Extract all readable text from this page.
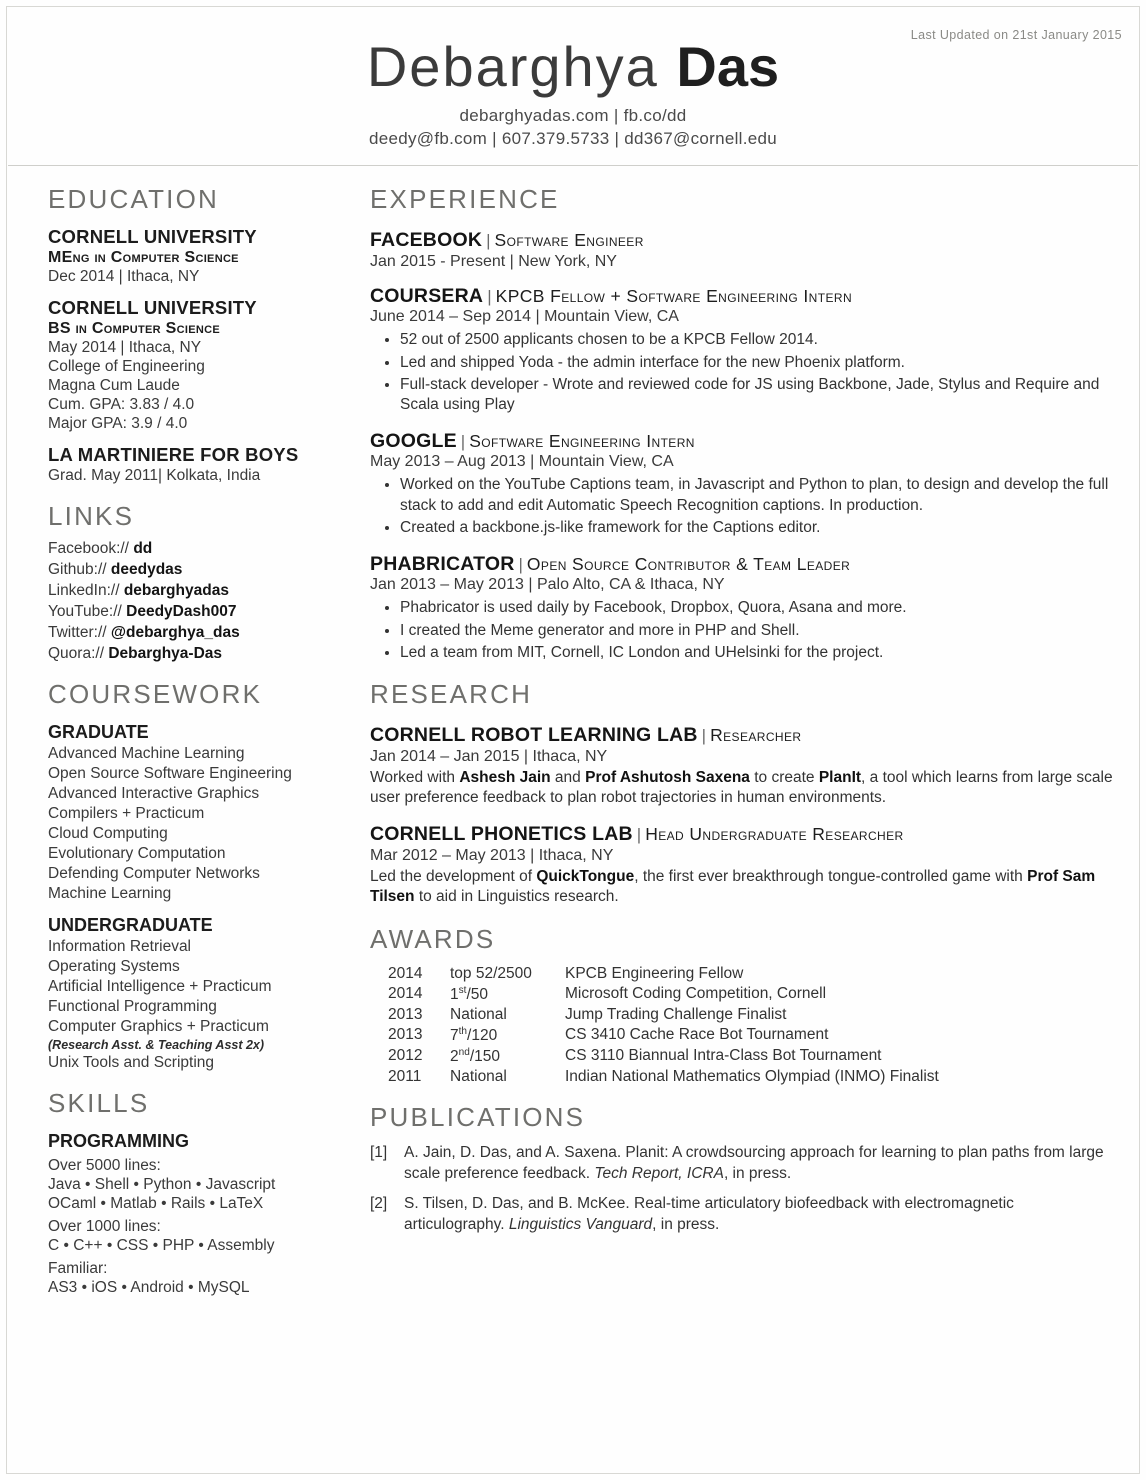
Last Updated on 21st January 2015
Debarghya Das
debarghyadas.com | fb.co/dd
deedy@fb.com | 607.379.5733 | dd367@cornell.edu
EDUCATION
CORNELL UNIVERSITY
MEng in Computer Science
Dec 2014 | Ithaca, NY
CORNELL UNIVERSITY
BS in Computer Science
May 2014 | Ithaca, NY
College of Engineering
Magna Cum Laude
Cum. GPA: 3.83 / 4.0
Major GPA: 3.9 / 4.0
LA MARTINIERE FOR BOYS
Grad. May 2011| Kolkata, India
LINKS
Facebook:// dd
Github:// deedydas
LinkedIn:// debarghyadas
YouTube:// DeedyDash007
Twitter:// @debarghya_das
Quora:// Debarghya-Das
COURSEWORK
GRADUATE
Advanced Machine Learning
Open Source Software Engineering
Advanced Interactive Graphics
Compilers + Practicum
Cloud Computing
Evolutionary Computation
Defending Computer Networks
Machine Learning
UNDERGRADUATE
Information Retrieval
Operating Systems
Artificial Intelligence + Practicum
Functional Programming
Computer Graphics + Practicum
(Research Asst. & Teaching Asst 2x)
Unix Tools and Scripting
SKILLS
PROGRAMMING
Over 5000 lines:
Java • Shell • Python • Javascript
OCaml • Matlab • Rails • LaTeX
Over 1000 lines:
C • C++ • CSS • PHP • Assembly
Familiar:
AS3 • iOS • Android • MySQL
EXPERIENCE
FACEBOOK | Software Engineer
Jan 2015 - Present | New York, NY
COURSERA | KPCB Fellow + Software Engineering Intern
June 2014 – Sep 2014 | Mountain View, CA
• 52 out of 2500 applicants chosen to be a KPCB Fellow 2014.
• Led and shipped Yoda - the admin interface for the new Phoenix platform.
• Full-stack developer - Wrote and reviewed code for JS using Backbone, Jade, Stylus and Require and Scala using Play
GOOGLE | Software Engineering Intern
May 2013 – Aug 2013 | Mountain View, CA
• Worked on the YouTube Captions team, in Javascript and Python to plan, to design and develop the full stack to add and edit Automatic Speech Recognition captions. In production.
• Created a backbone.js-like framework for the Captions editor.
PHABRICATOR | Open Source Contributor & Team Leader
Jan 2013 – May 2013 | Palo Alto, CA & Ithaca, NY
• Phabricator is used daily by Facebook, Dropbox, Quora, Asana and more.
• I created the Meme generator and more in PHP and Shell.
• Led a team from MIT, Cornell, IC London and UHelsinki for the project.
RESEARCH
CORNELL ROBOT LEARNING LAB | Researcher
Jan 2014 – Jan 2015 | Ithaca, NY
Worked with Ashesh Jain and Prof Ashutosh Saxena to create PlanIt, a tool which learns from large scale user preference feedback to plan robot trajectories in human environments.
CORNELL PHONETICS LAB | Head Undergraduate Researcher
Mar 2012 – May 2013 | Ithaca, NY
Led the development of QuickTongue, the first ever breakthrough tongue-controlled game with Prof Sam Tilsen to aid in Linguistics research.
AWARDS
2014	top 52/2500	KPCB Engineering Fellow
2014	1st/50	Microsoft Coding Competition, Cornell
2013	National	Jump Trading Challenge Finalist
2013	7th/120	CS 3410 Cache Race Bot Tournament
2012	2nd/150	CS 3110 Biannual Intra-Class Bot Tournament
2011	National	Indian National Mathematics Olympiad (INMO) Finalist
PUBLICATIONS
[1]	A. Jain, D. Das, and A. Saxena. Planit: A crowdsourcing approach for learning to plan paths from large scale preference feedback. Tech Report, ICRA, in press.
[2]	S. Tilsen, D. Das, and B. McKee. Real-time articulatory biofeedback with electromagnetic articulography. Linguistics Vanguard, in press.
